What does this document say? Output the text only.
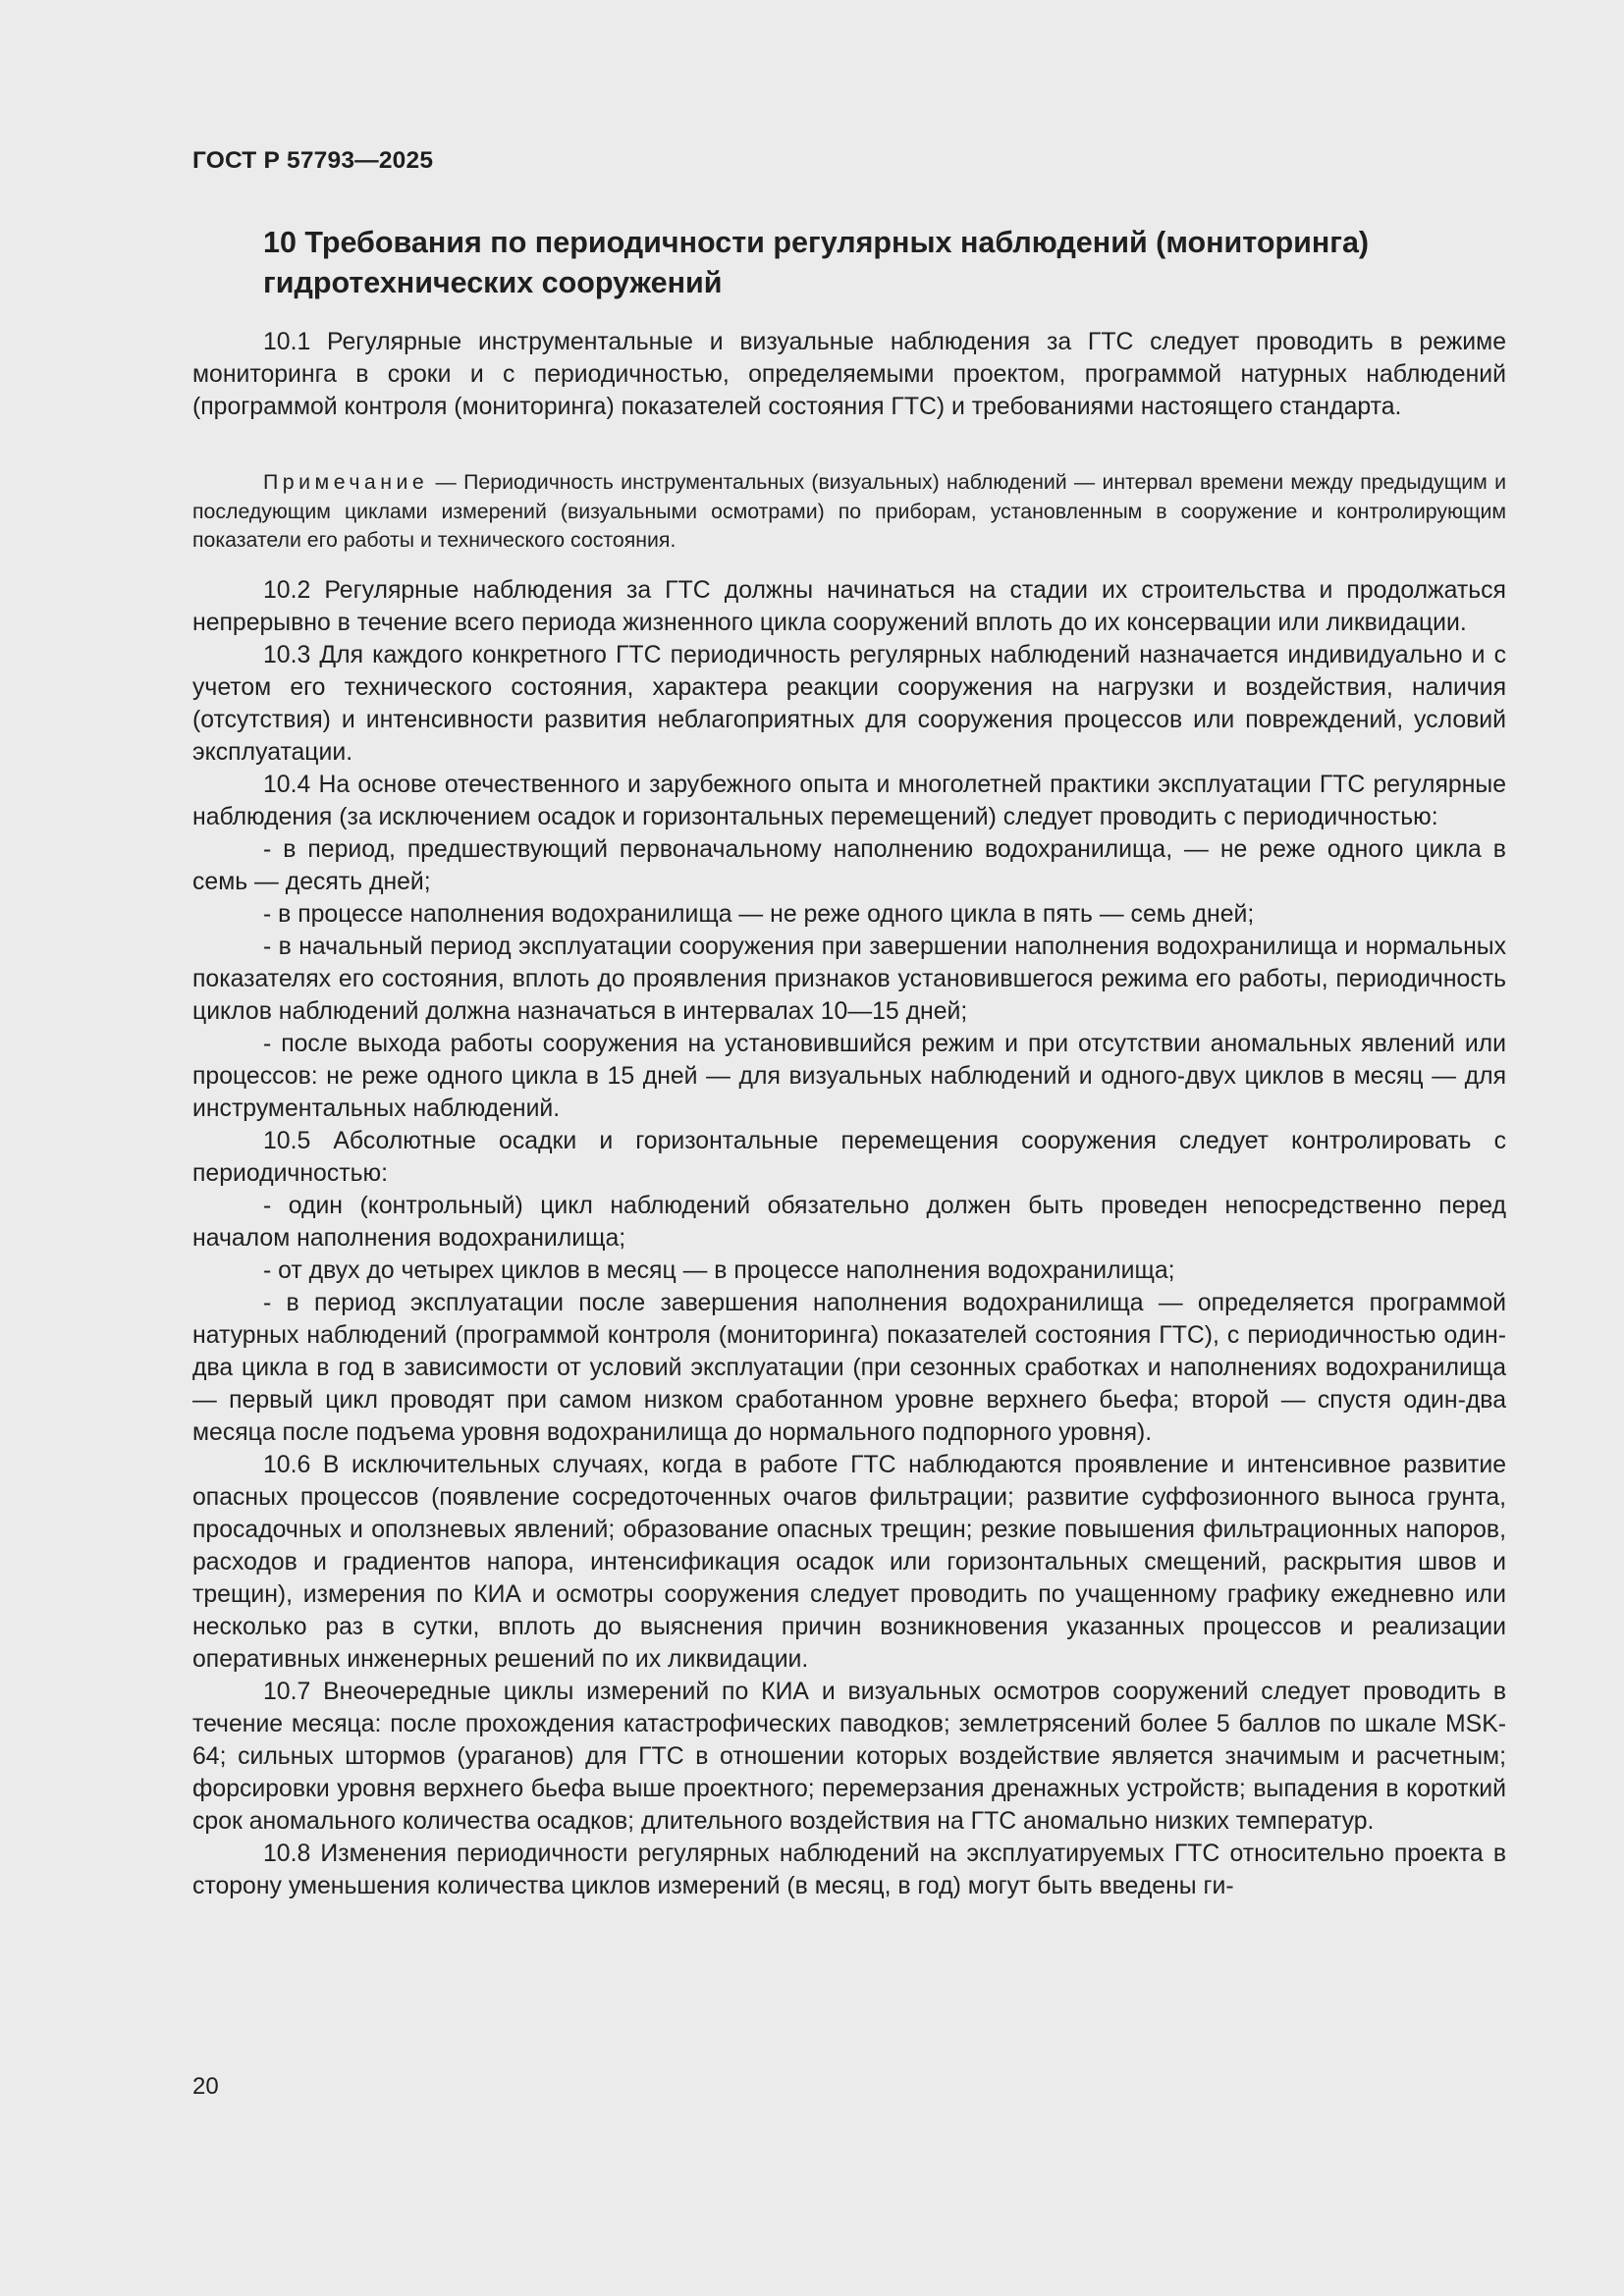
ГОСТ Р 57793—2025
10 Требования по периодичности регулярных наблюдений (мониторинга) гидротехнических сооружений

10.1 Регулярные инструментальные и визуальные наблюдения за ГТС следует проводить в режиме мониторинга в сроки и с периодичностью, определяемыми проектом, программой натурных наблюдений (программой контроля (мониторинга) показателей состояния ГТС) и требованиями настоящего стандарта.

Примечание — Периодичность инструментальных (визуальных) наблюдений — интервал времени между предыдущим и последующим циклами измерений (визуальными осмотрами) по приборам, установленным в сооружение и контролирующим показатели его работы и технического состояния.

10.2 Регулярные наблюдения за ГТС должны начинаться на стадии их строительства и продолжаться непрерывно в течение всего периода жизненного цикла сооружений вплоть до их консервации или ликвидации.

10.3 Для каждого конкретного ГТС периодичность регулярных наблюдений назначается индивидуально и с учетом его технического состояния, характера реакции сооружения на нагрузки и воздействия, наличия (отсутствия) и интенсивности развития неблагоприятных для сооружения процессов или повреждений, условий эксплуатации.

10.4 На основе отечественного и зарубежного опыта и многолетней практики эксплуатации ГТС регулярные наблюдения (за исключением осадок и горизонтальных перемещений) следует проводить с периодичностью:

- в период, предшествующий первоначальному наполнению водохранилища, — не реже одного цикла в семь — десять дней;

- в процессе наполнения водохранилища — не реже одного цикла в пять — семь дней;

- в начальный период эксплуатации сооружения при завершении наполнения водохранилища и нормальных показателях его состояния, вплоть до проявления признаков установившегося режима его работы, периодичность циклов наблюдений должна назначаться в интервалах 10—15 дней;

- после выхода работы сооружения на установившийся режим и при отсутствии аномальных явлений или процессов: не реже одного цикла в 15 дней — для визуальных наблюдений и одного-двух циклов в месяц — для инструментальных наблюдений.

10.5 Абсолютные осадки и горизонтальные перемещения сооружения следует контролировать с периодичностью:

- один (контрольный) цикл наблюдений обязательно должен быть проведен непосредственно перед началом наполнения водохранилища;

- от двух до четырех циклов в месяц — в процессе наполнения водохранилища;

- в период эксплуатации после завершения наполнения водохранилища — определяется программой натурных наблюдений (программой контроля (мониторинга) показателей состояния ГТС), с периодичностью один-два цикла в год в зависимости от условий эксплуатации (при сезонных сработках и наполнениях водохранилища — первый цикл проводят при самом низком сработанном уровне верхнего бьефа; второй — спустя один-два месяца после подъема уровня водохранилища до нормального подпорного уровня).

10.6 В исключительных случаях, когда в работе ГТС наблюдаются проявление и интенсивное развитие опасных процессов (появление сосредоточенных очагов фильтрации; развитие суффозионного выноса грунта, просадочных и оползневых явлений; образование опасных трещин; резкие повышения фильтрационных напоров, расходов и градиентов напора, интенсификация осадок или горизонтальных смещений, раскрытия швов и трещин), измерения по КИА и осмотры сооружения следует проводить по учащенному графику ежедневно или несколько раз в сутки, вплоть до выяснения причин возникновения указанных процессов и реализации оперативных инженерных решений по их ликвидации.

10.7 Внеочередные циклы измерений по КИА и визуальных осмотров сооружений следует проводить в течение месяца: после прохождения катастрофических паводков; землетрясений более 5 баллов по шкале MSK-64; сильных штормов (ураганов) для ГТС в отношении которых воздействие является значимым и расчетным; форсировки уровня верхнего бьефа выше проектного; перемерзания дренажных устройств; выпадения в короткий срок аномального количества осадков; длительного воздействия на ГТС аномально низких температур.

10.8 Изменения периодичности регулярных наблюдений на эксплуатируемых ГТС относительно проекта в сторону уменьшения количества циклов измерений (в месяц, в год) могут быть введены ги-

20
